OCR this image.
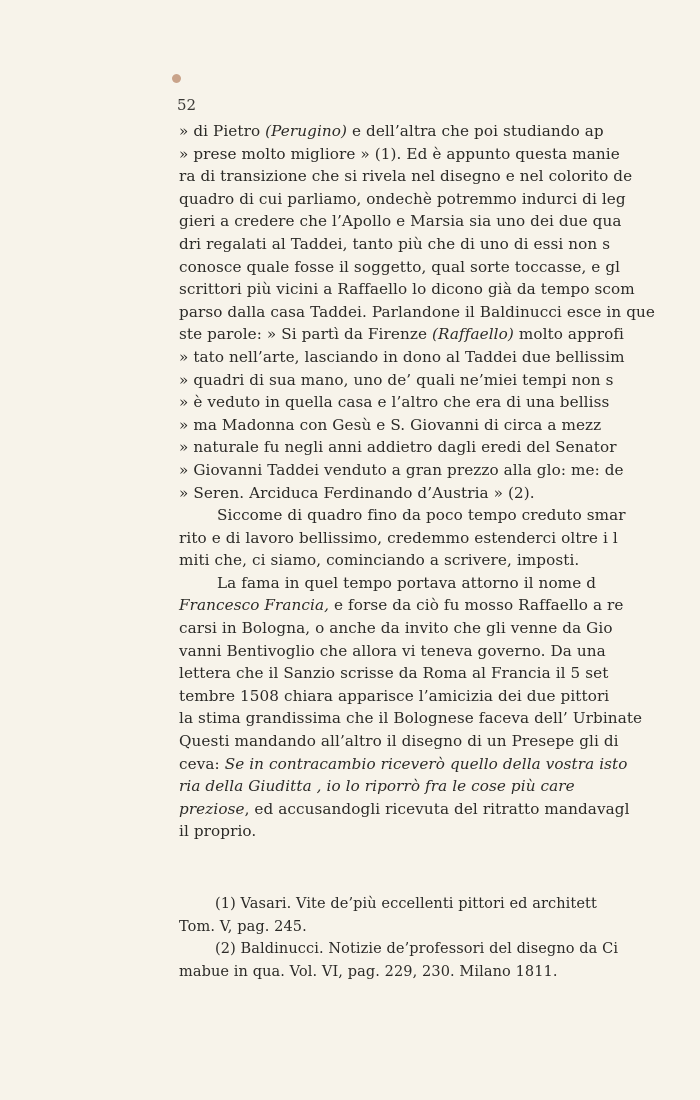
52
» di Pietro (Perugino) e dell’altra che poi studiando ap
» prese molto migliore » (1). Ed è appunto questa manie
ra di transizione che si rivela nel disegno e nel colorito de
quadro di cui parliamo, ondechè potremmo indurci di leg
gieri a credere che l’Apollo e Marsia sia uno dei due qua
dri regalati al Taddei, tanto più che di uno di essi non s
conosce quale fosse il soggetto, qual sorte toccasse, e gl
scrittori più vicini a Raffaello lo dicono già da tempo scom
parso dalla casa Taddei. Parlandone il Baldinucci esce in que
ste parole: » Si partì da Firenze (Raffaello) molto approfi
» tato nell’arte, lasciando in dono al Taddei due bellissim
» quadri di sua mano, uno de’ quali ne’miei tempi non s
» è veduto in quella casa e l’altro che era di una belliss
» ma Madonna con Gesù e S. Giovanni di circa a mezz
» naturale fu negli anni addietro dagli eredi del Senator
» Giovanni Taddei venduto a gran prezzo alla glo: me: de
» Seren. Arciduca Ferdinando d’Austria » (2).
Siccome di quadro fino da poco tempo creduto smar
rito e di lavoro bellissimo, credemmo estenderci oltre i l
miti che, ci siamo, cominciando a scrivere, imposti.
La fama in quel tempo portava attorno il nome d
Francesco Francia, e forse da ciò fu mosso Raffaello a re
carsi in Bologna, o anche da invito che gli venne da Gio
vanni Bentivoglio che allora vi teneva governo. Da una
lettera che il Sanzio scrisse da Roma al Francia il 5 set
tembre 1508 chiara apparisce l’amicizia dei due pittori
la stima grandissima che il Bolognese faceva dell’ Urbinate
Questi mandando all’altro il disegno di un Presepe gli di
ceva: Se in contracambio riceverò quello della vostra isto
ria della Giuditta , io lo riporrò fra le cose più care
preziose, ed accusandogli ricevuta del ritratto mandavagl
il proprio.
(1) Vasari. Vite de’più eccellenti pittori ed architett
Tom. V, pag. 245.
(2) Baldinucci. Notizie de’professori del disegno da Ci
mabue in qua. Vol. VI, pag. 229, 230. Milano 1811.
